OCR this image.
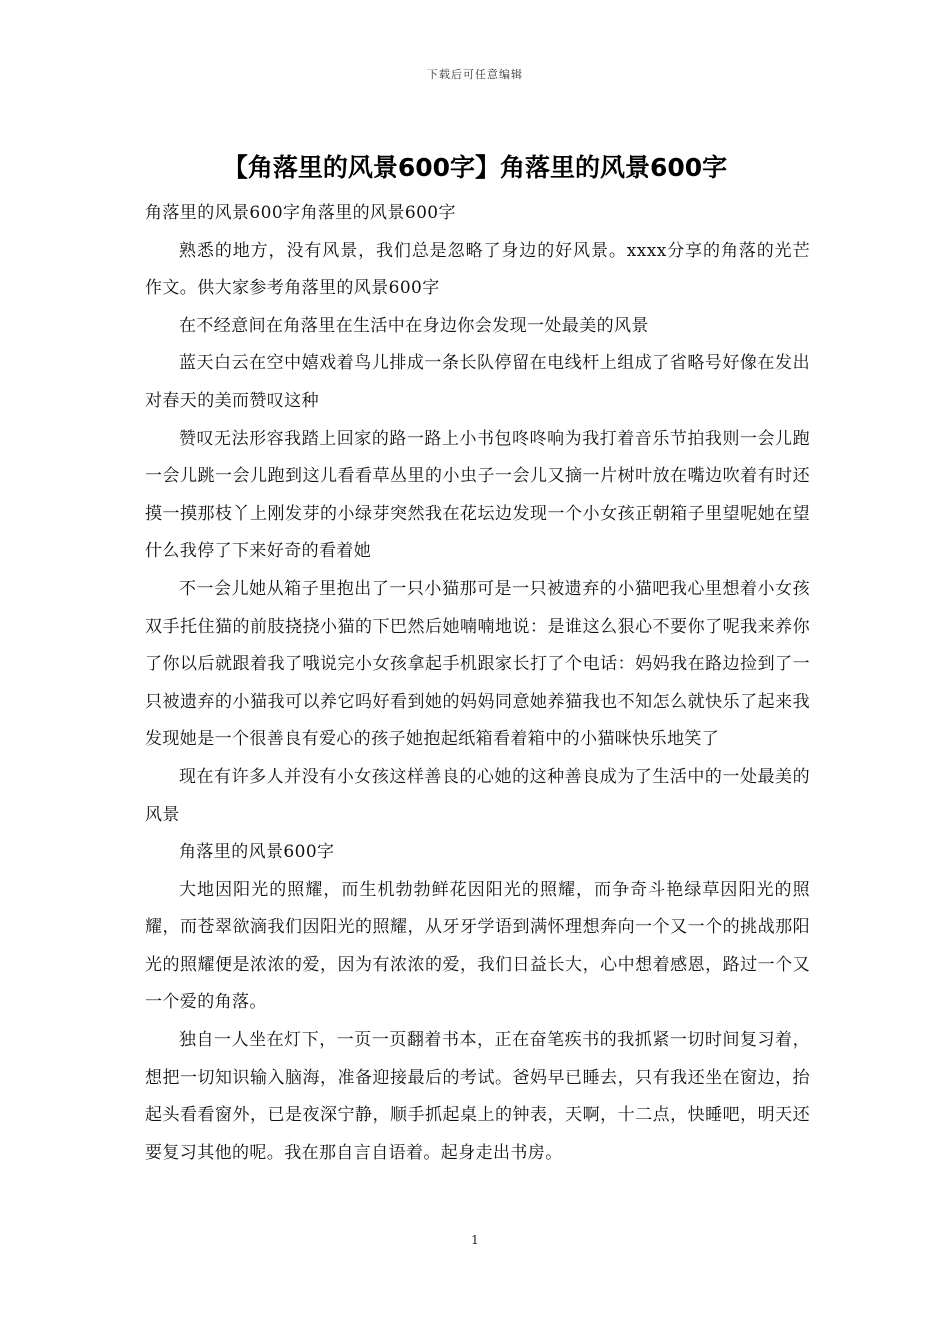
下载后可任意编辑
【角落里的风景600字】角落里的风景600字

角落里的风景600字角落里的风景600字

熟悉的地方，没有风景，我们总是忽略了身边的好风景。xxxx分享的角落的光芒作文。供大家参考角落里的风景600字

在不经意间在角落里在生活中在身边你会发现一处最美的风景

蓝天白云在空中嬉戏着鸟儿排成一条长队停留在电线杆上组成了省略号好像在发出对春天的美而赞叹这种

赞叹无法形容我踏上回家的路一路上小书包咚咚响为我打着音乐节拍我则一会儿跑一会儿跳一会儿跑到这儿看看草丛里的小虫子一会儿又摘一片树叶放在嘴边吹着有时还摸一摸那枝丫上刚发芽的小绿芽突然我在花坛边发现一个小女孩正朝箱子里望呢她在望什么我停了下来好奇的看着她

不一会儿她从箱子里抱出了一只小猫那可是一只被遗弃的小猫吧我心里想着小女孩双手托住猫的前肢挠挠小猫的下巴然后她喃喃地说：是谁这么狠心不要你了呢我来养你了你以后就跟着我了哦说完小女孩拿起手机跟家长打了个电话：妈妈我在路边捡到了一只被遗弃的小猫我可以养它吗好看到她的妈妈同意她养猫我也不知怎么就快乐了起来我发现她是一个很善良有爱心的孩子她抱起纸箱看着箱中的小猫咪快乐地笑了

现在有许多人并没有小女孩这样善良的心她的这种善良成为了生活中的一处最美的风景

角落里的风景600字

大地因阳光的照耀，而生机勃勃鲜花因阳光的照耀，而争奇斗艳绿草因阳光的照耀，而苍翠欲滴我们因阳光的照耀，从牙牙学语到满怀理想奔向一个又一个的挑战那阳光的照耀便是浓浓的爱，因为有浓浓的爱，我们日益长大，心中想着感恩，路过一个又一个爱的角落。

独自一人坐在灯下，一页一页翻着书本，正在奋笔疾书的我抓紧一切时间复习着，想把一切知识输入脑海，准备迎接最后的考试。爸妈早已睡去，只有我还坐在窗边，抬起头看看窗外，已是夜深宁静，顺手抓起桌上的钟表，天啊，十二点，快睡吧，明天还要复习其他的呢。我在那自言自语着。起身走出书房。

1
